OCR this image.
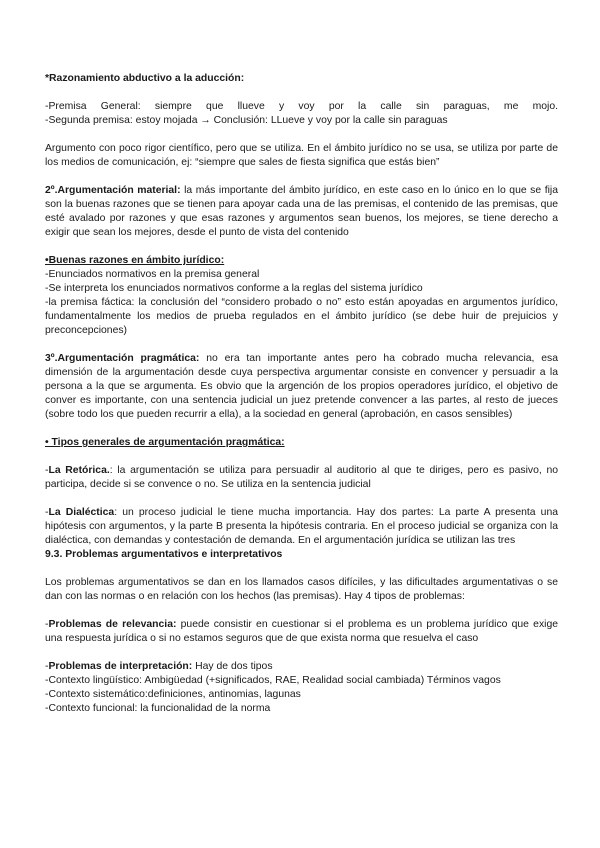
*Razonamiento abductivo a la aducción:

-Premisa General: siempre que llueve y voy por la calle sin paraguas, me mojo.

-Segunda premisa: estoy mojada → Conclusión: LLueve y voy por la calle sin paraguas

Argumento con poco rigor científico, pero que se utiliza. En el ámbito jurídico no se usa, se utiliza por parte de los medios de comunicación, ej: “siempre que sales de fiesta significa que estás bien”

2º.Argumentación material: la más importante del ámbito jurídico, en este caso en lo único en lo que se fija son la buenas razones que se tienen para apoyar cada una de las premisas, el contenido de las premisas, que esté avalado por razones y que esas razones y argumentos sean buenos, los mejores, se tiene derecho a exigir que sean los mejores, desde el punto de vista del contenido

•Buenas razones en ámbito jurídico:

-Enunciados normativos en la premisa general

-Se interpreta los enunciados normativos conforme a la reglas del sistema jurídico

-la premisa fáctica: la conclusión del “considero probado o no” esto están apoyadas en argumentos jurídico, fundamentalmente los medios de prueba regulados en el ámbito jurídico (se debe huir de prejuicios y preconcepciones)

3º.Argumentación pragmática: no era tan importante antes pero ha cobrado mucha relevancia, esa dimensión de la argumentación desde cuya perspectiva argumentar consiste en convencer y persuadir a la persona a la que se argumenta. Es obvio que la argención de los propios operadores jurídico, el objetivo de conver es importante, con una sentencia judicial un juez pretende convencer a las partes, al resto de jueces (sobre todo los que pueden recurrir a ella), a la sociedad en general (aprobación, en casos sensibles)

• Tipos generales de argumentación pragmática:

-La Retórica.: la argumentación se utiliza para persuadir al auditorio al que te diriges, pero es pasivo, no participa, decide si se convence o no. Se utiliza en la sentencia judicial

-La Dialéctica: un proceso judicial le tiene mucha importancia. Hay dos partes: La parte A presenta una hipótesis con argumentos, y la parte B presenta la hipótesis contraria. En el proceso judicial se organiza con la dialéctica, con demandas y contestación de demanda. En el argumentación jurídica se utilizan las tres

9.3. Problemas argumentativos e interpretativos

Los problemas argumentativos se dan en los llamados casos difíciles, y las dificultades argumentativas o se dan con las normas o en relación con los hechos (las premisas). Hay 4 tipos de problemas:

-Problemas de relevancia: puede consistir en cuestionar si el problema es un problema jurídico que exige una respuesta jurídica o si no estamos seguros que de que exista norma que resuelva el caso

-Problemas de interpretación: Hay de dos tipos

-Contexto lingüístico: Ambigüedad (+significados, RAE, Realidad social cambiada) Términos vagos

-Contexto sistemático:definiciones, antinomias, lagunas

-Contexto funcional: la funcionalidad de la norma
